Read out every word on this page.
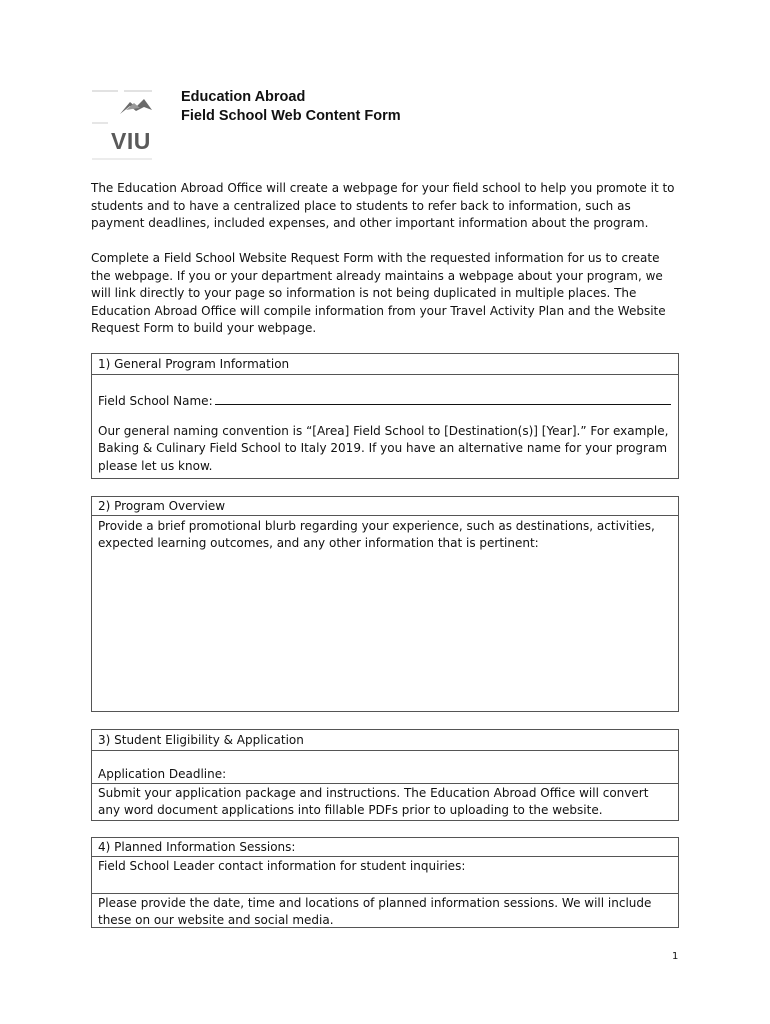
VIU
Education Abroad
Field School Web Content Form

The Education Abroad Office will create a webpage for your field school to help you promote it to students and to have a centralized place to students to refer back to information, such as payment deadlines, included expenses, and other important information about the program.

Complete a Field School Website Request Form with the requested information for us to create the webpage. If you or your department already maintains a webpage about your program, we will link directly to your page so information is not being duplicated in multiple places. The Education Abroad Office will compile information from your Travel Activity Plan and the Website Request Form to build your webpage.

1) General Program Information

Field School Name:

Our general naming convention is “[Area] Field School to [Destination(s)] [Year].” For example, Baking & Culinary Field School to Italy 2019. If you have an alternative name for your program please let us know.

2) Program Overview

Provide a brief promotional blurb regarding your experience, such as destinations, activities, expected learning outcomes, and any other information that is pertinent:

3) Student Eligibility & Application

Application Deadline:

Submit your application package and instructions. The Education Abroad Office will convert any word document applications into fillable PDFs prior to uploading to the website.

4) Planned Information Sessions:

Field School Leader contact information for student inquiries:

Please provide the date, time and locations of planned information sessions. We will include these on our website and social media.

1
